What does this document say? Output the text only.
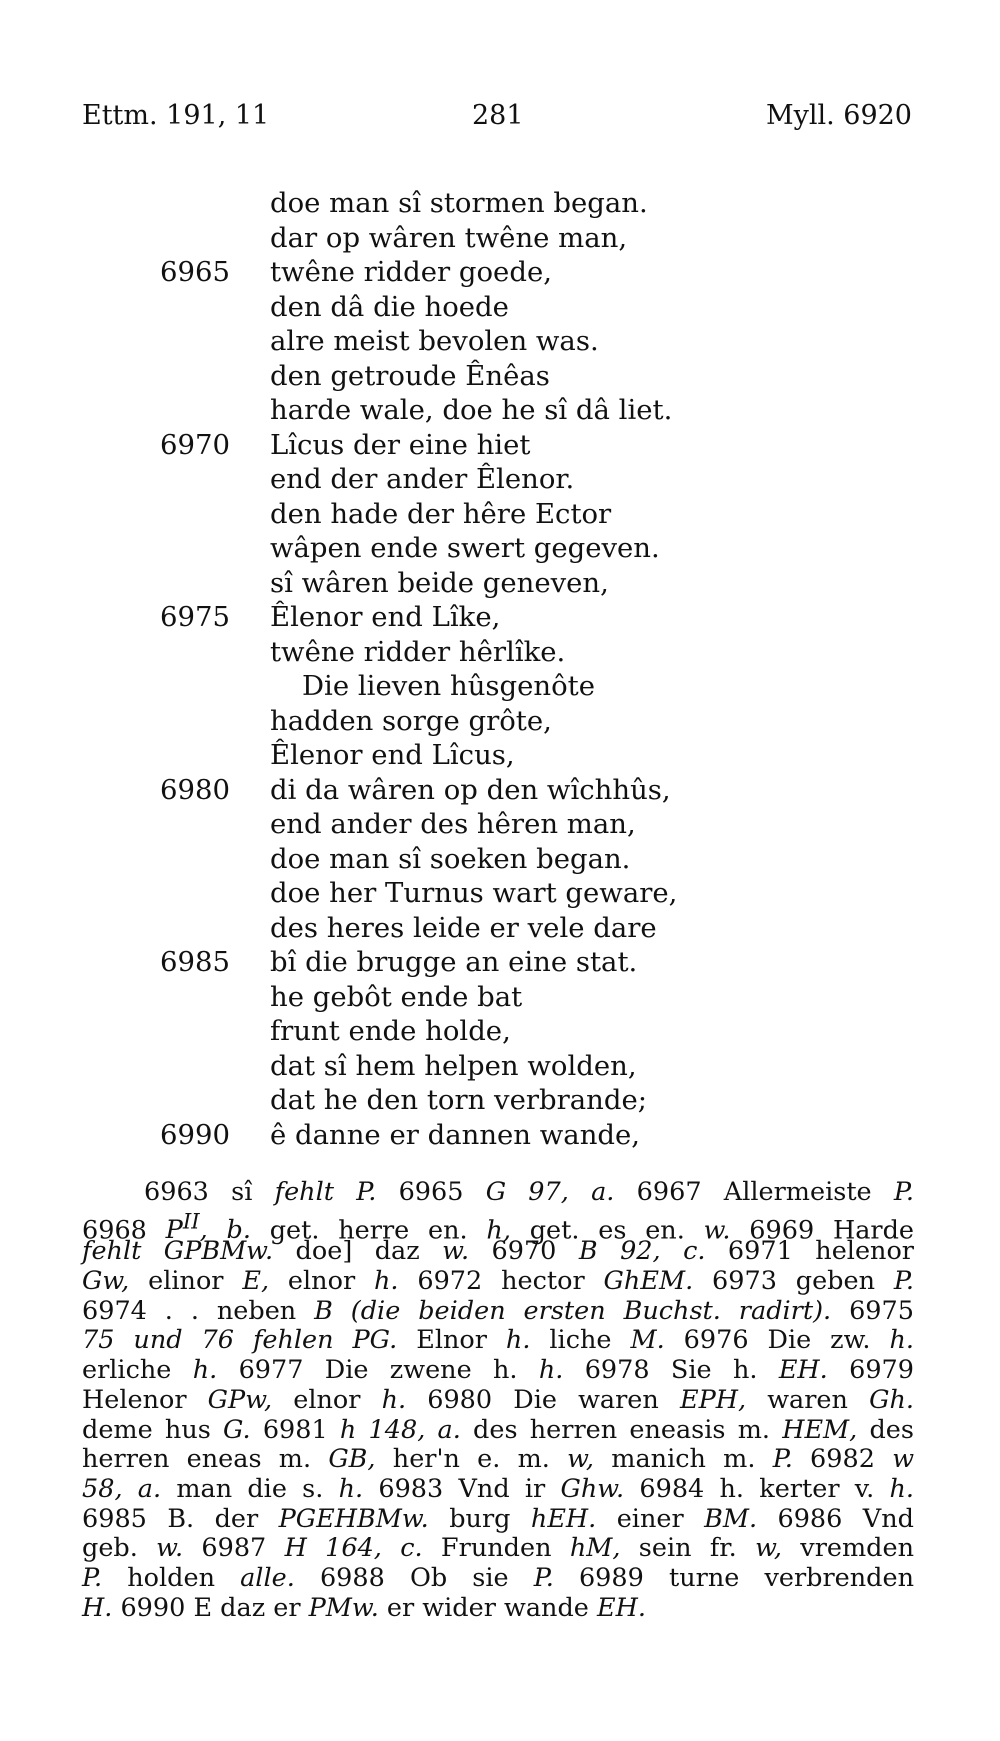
Ettm. 191, 11	281	Myll. 6920
doe man sî stormen began.
dar op wâren twêne man,
6965	twêne ridder goede,
den dâ die hoede
alre meist bevolen was.
den getroude Ênêas
harde wale, doe he sî dâ liet.
6970	Lîcus der eine hiet
end der ander Êlenor.
den hade der hêre Ector
wâpen ende swert gegeven.
sî wâren beide geneven,
6975	Êlenor end Lîke,
twêne ridder hêrlîke.
Die lieven hûsgenôte
hadden sorge grôte,
Êlenor end Lîcus,
6980	di da wâren op den wîchhûs,
end ander des hêren man,
doe man sî soeken began.
doe her Turnus wart geware,
des heres leide er vele dare
6985	bî die brugge an eine stat.
he gebôt ende bat
frunt ende holde,
dat sî hem helpen wolden,
dat he den torn verbrande;
6990	ê danne er dannen wande,
6963 sî fehlt P. 6965 G 97, a. 6967 Allermeiste P.
6968 $P^{II}$, b. get. herre en. h, get. es en. w. 6969 Harde
fehlt GPBMw. doe] daz w. 6970 B 92, c. 6971 helenor
Gw, elinor E, elnor h. 6972 hector GhEM. 6973 geben P.
6974 . . neben B (die beiden ersten Buchst. radirt). 6975
75 und 76 fehlen PG. Elnor h. liche M. 6976 Die zw. h.
erliche h. 6977 Die zwene h. h. 6978 Sie h. EH. 6979
Helenor GPw, elnor h. 6980 Die waren EPH, waren Gh.
deme hus G. 6981 h 148, a. des herren eneasis m. HEM, des
herren eneas m. GB, her'n e. m. w, manich m. P. 6982 w
58, a. man die s. h. 6983 Vnd ir Ghw. 6984 h. kerter v. h.
6985 B. der PGEHBMw. burg hEH. einer BM. 6986 Vnd
geb. w. 6987 H 164, c. Frunden hM, sein fr. w, vremden
P. holden alle. 6988 Ob sie P. 6989 turne verbrenden
H. 6990 E daz er PMw. er wider wande EH.
